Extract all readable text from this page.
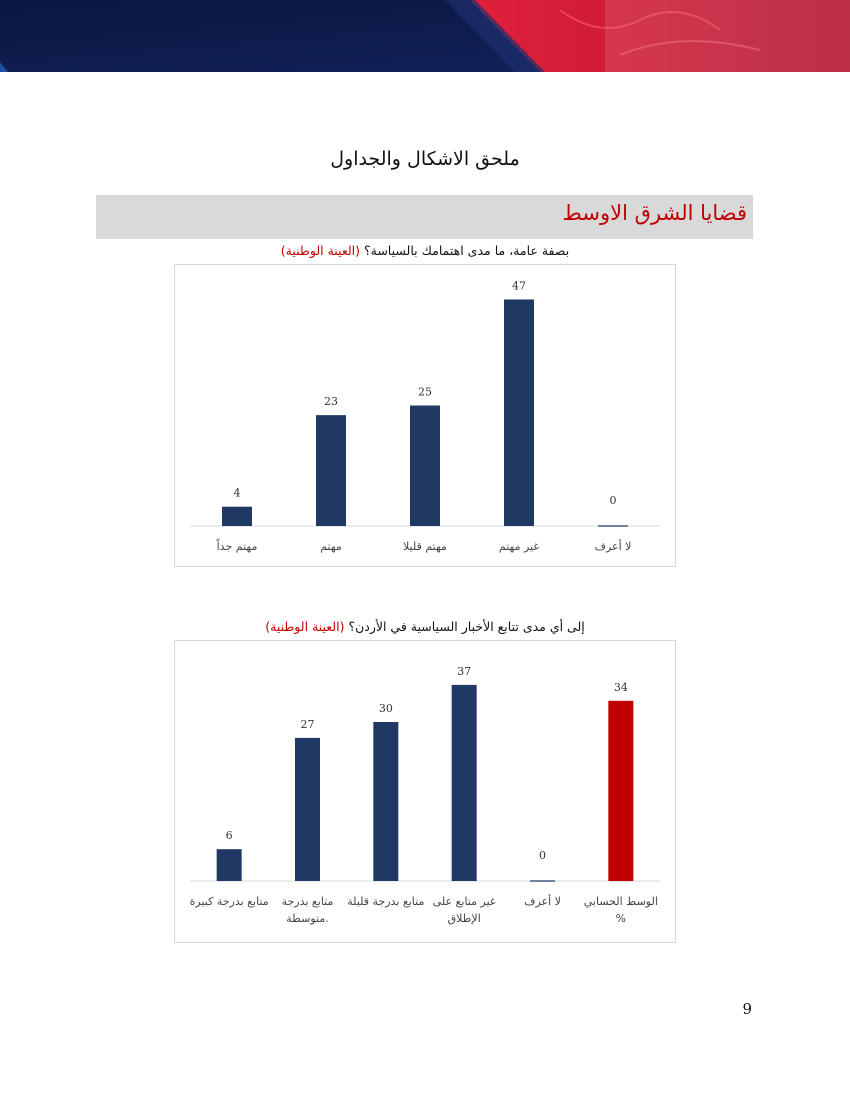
ملحق الاشكال والجداول
قضايا الشرق الاوسط
بصفة عامة، ما مدى اهتمامك بالسياسة؟ (العينة الوطنية)
4
مهتم جداً
23
مهتم
25
مهتم قليلا
47
غير مهتم
0
لا أعرف
إلى أي مدى تتابع الأخبار السياسية في الأردن؟ (العينة الوطنية)
6
متابع بدرجة كبيرة
27
متابع بدرجة
متوسطة.
30
متابع بدرجة قليلة
37
غير متابع على
الإطلاق
0
لا أعرف
34
الوسط الحسابي
%
9
